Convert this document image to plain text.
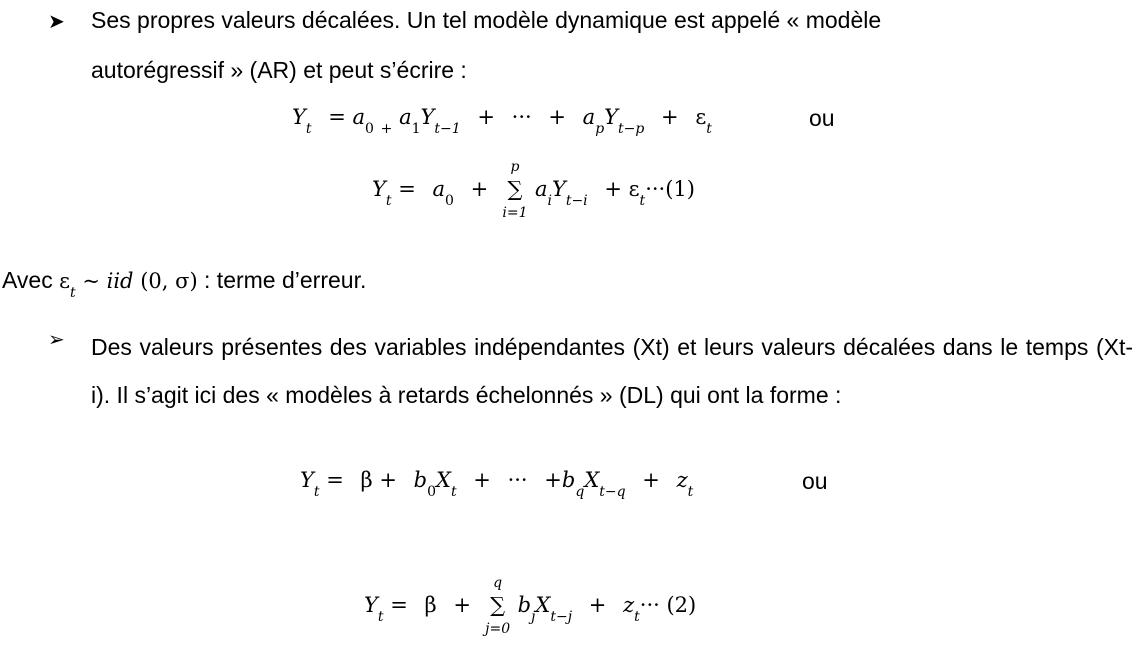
➤ Ses propres valeurs décalées. Un tel modèle dynamique est appelé « modèle
autorégressif » (AR) et peut s’écrire :
$Y_t = a_0$ $_+$ $a_1Y_{t-1}$ + ··· + $a_pY_{t-p} + \varepsilon_t$	ou
$Y_t = a_0$ +
p
∑
i=1
$a_iY_{t-i} + \varepsilon_t\cdot\cdot\cdot(1)$
Avec $\varepsilon_t$ ~ iid (0, σ) : terme d’erreur.
➢ Des valeurs présentes des variables indépendantes (Xt) et leurs valeurs décalées dans le temps (Xt-i). Il s’agit ici des « modèles à retards échelonnés » (DL) qui ont la forme :
$Y_t = \beta + b_0X_t$ + ··· $+b_qX_{t-q} + z_t$	ou
$Y_t = \beta$ +
q
∑
j=0
$b_jX_{t-j} + z_t\cdot\cdot\cdot (2)$
